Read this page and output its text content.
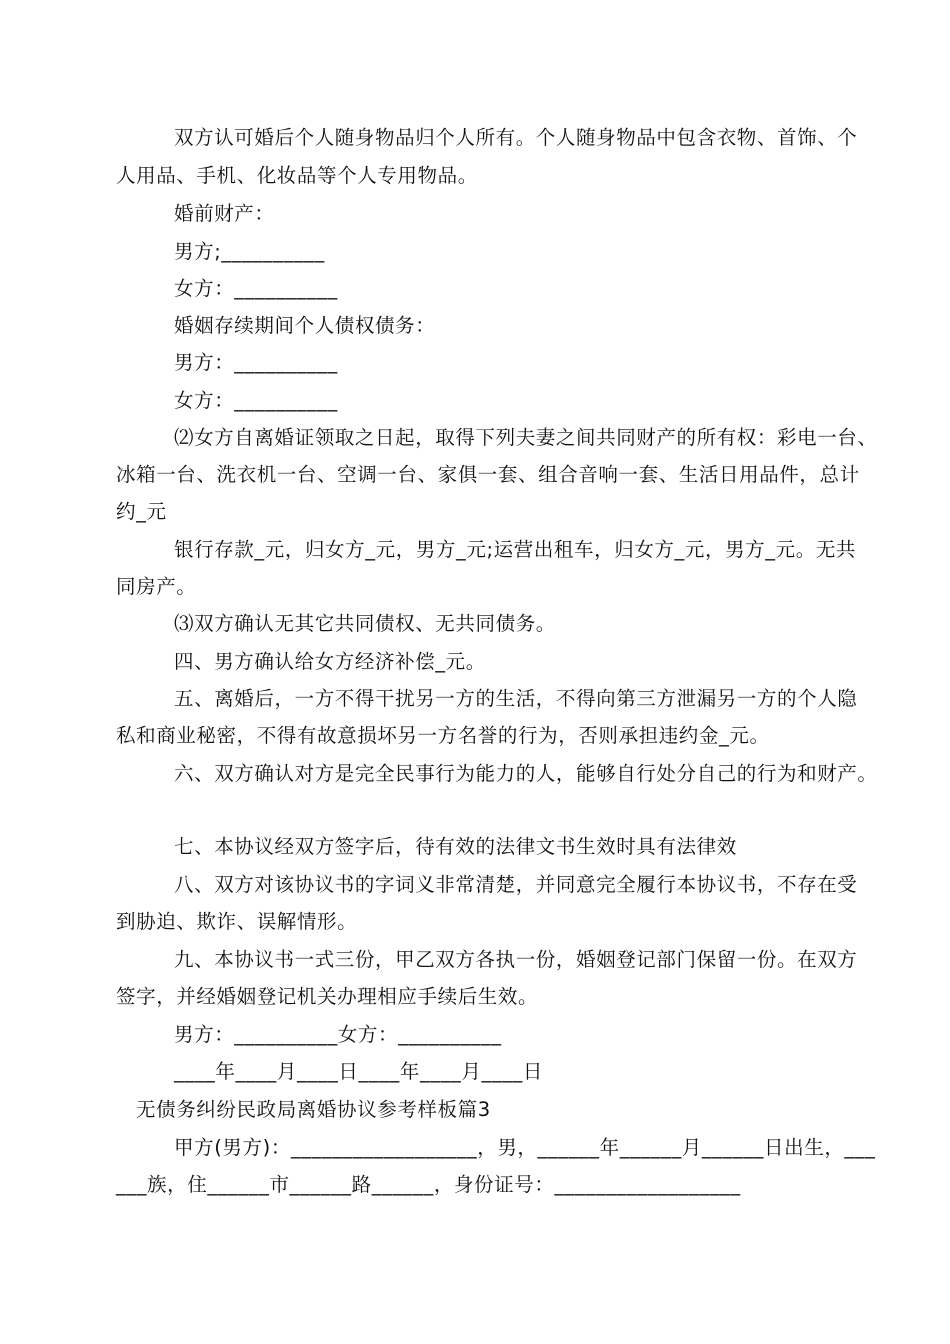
双方认可婚后个人随身物品归个人所有。个人随身物品中包含衣物、首饰、个
人用品、手机、化妆品等个人专用物品。
婚前财产：
男方;__________
女方：__________
婚姻存续期间个人债权债务：
男方：__________
女方：__________
⑵女方自离婚证领取之日起，取得下列夫妻之间共同财产的所有权：彩电一台、
冰箱一台、洗衣机一台、空调一台、家俱一套、组合音响一套、生活日用品件，总计
约_元
银行存款_元，归女方_元，男方_元;运营出租车，归女方_元，男方_元。无共
同房产。
⑶双方确认无其它共同债权、无共同债务。
四、男方确认给女方经济补偿_元。
五、离婚后，一方不得干扰另一方的生活，不得向第三方泄漏另一方的个人隐
私和商业秘密，不得有故意损坏另一方名誉的行为，否则承担违约金_元。
六、双方确认对方是完全民事行为能力的人，能够自行处分自己的行为和财产。
七、本协议经双方签字后，待有效的法律文书生效时具有法律效
八、双方对该协议书的字词义非常清楚，并同意完全履行本协议书，不存在受
到胁迫、欺诈、误解情形。
九、本协议书一式三份，甲乙双方各执一份，婚姻登记部门保留一份。在双方
签字，并经婚姻登记机关办理相应手续后生效。
男方：__________女方：__________
____年____月____日____年____月____日
无债务纠纷民政局离婚协议参考样板篇3
甲方(男方)：__________________，男，______年______月______日出生，___
___族，住______市______路______，身份证号：__________________
